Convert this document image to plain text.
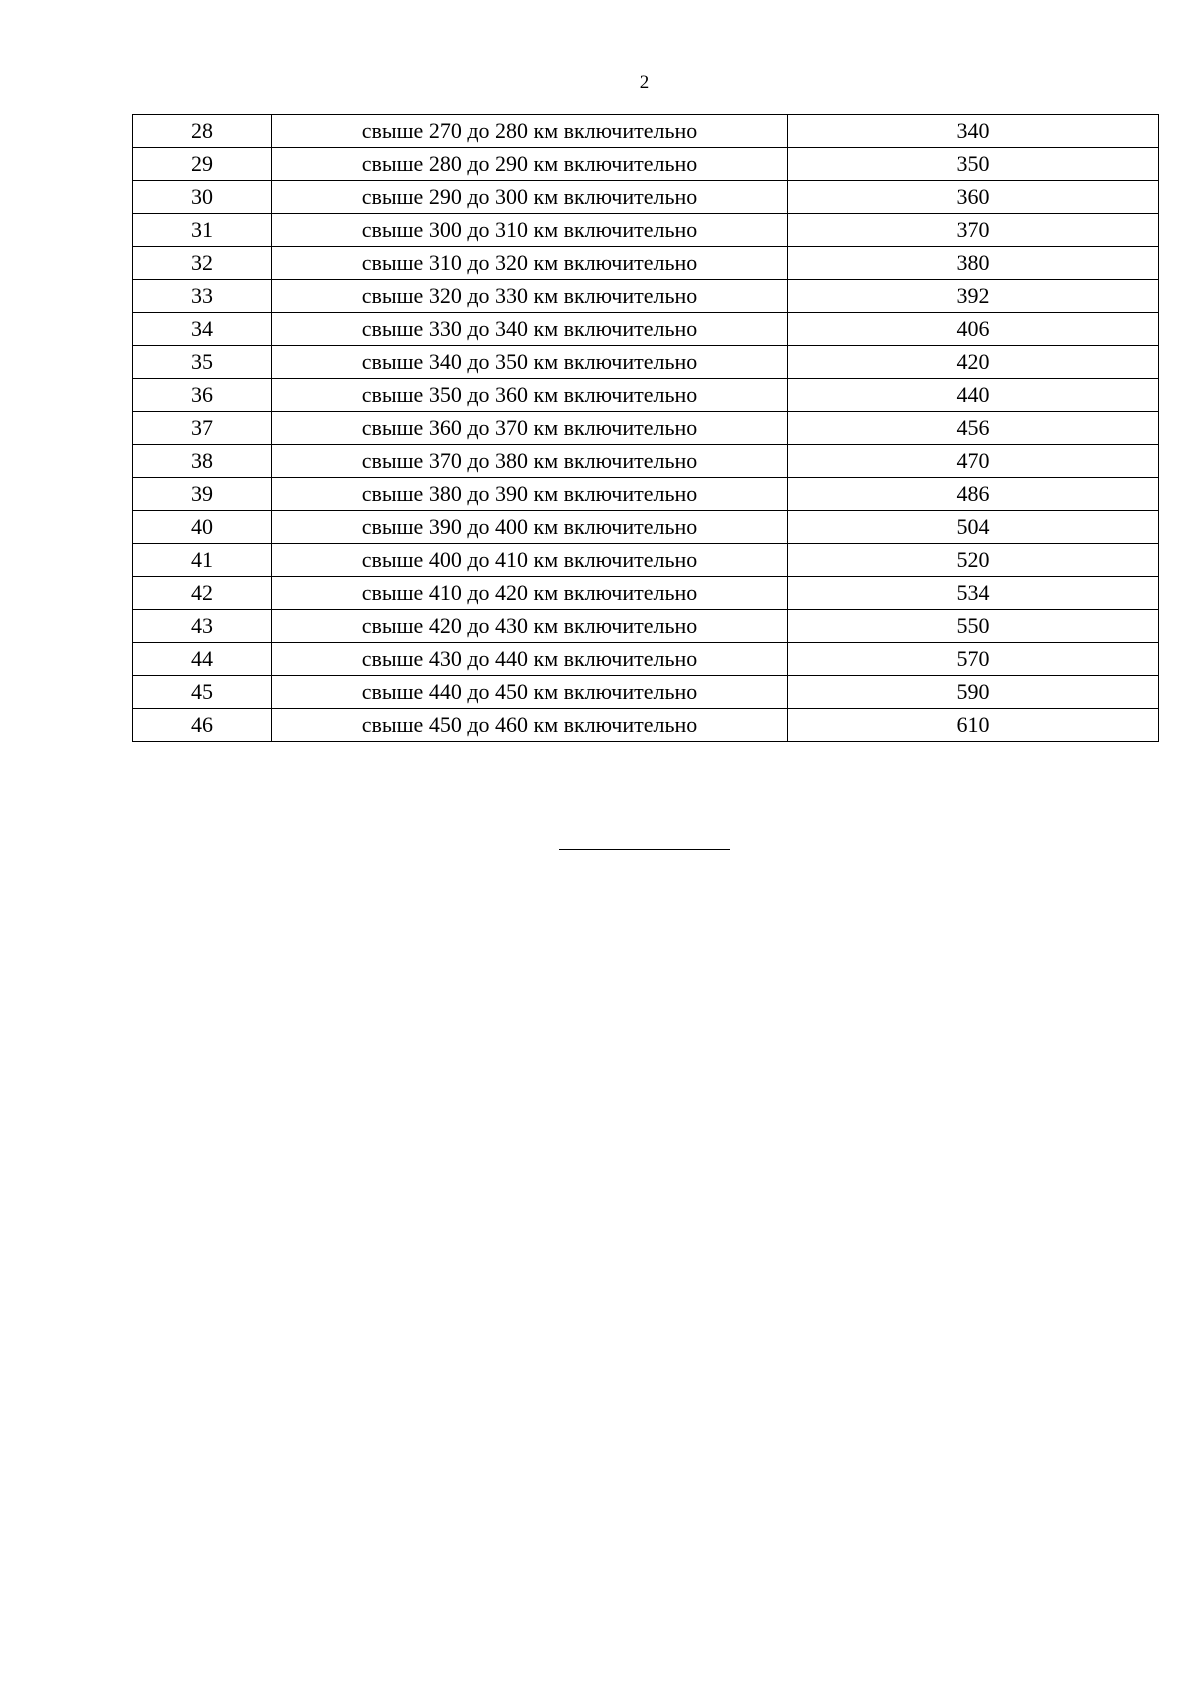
2
28	свыше 270 до 280 км включительно	340
29	свыше 280 до 290 км включительно	350
30	свыше 290 до 300 км включительно	360
31	свыше 300 до 310 км включительно	370
32	свыше 310 до 320 км включительно	380
33	свыше 320 до 330 км включительно	392
34	свыше 330 до 340 км включительно	406
35	свыше 340 до 350 км включительно	420
36	свыше 350 до 360 км включительно	440
37	свыше 360 до 370 км включительно	456
38	свыше 370 до 380 км включительно	470
39	свыше 380 до 390 км включительно	486
40	свыше 390 до 400 км включительно	504
41	свыше 400 до 410 км включительно	520
42	свыше 410 до 420 км включительно	534
43	свыше 420 до 430 км включительно	550
44	свыше 430 до 440 км включительно	570
45	свыше 440 до 450 км включительно	590
46	свыше 450 до 460 км включительно	610
